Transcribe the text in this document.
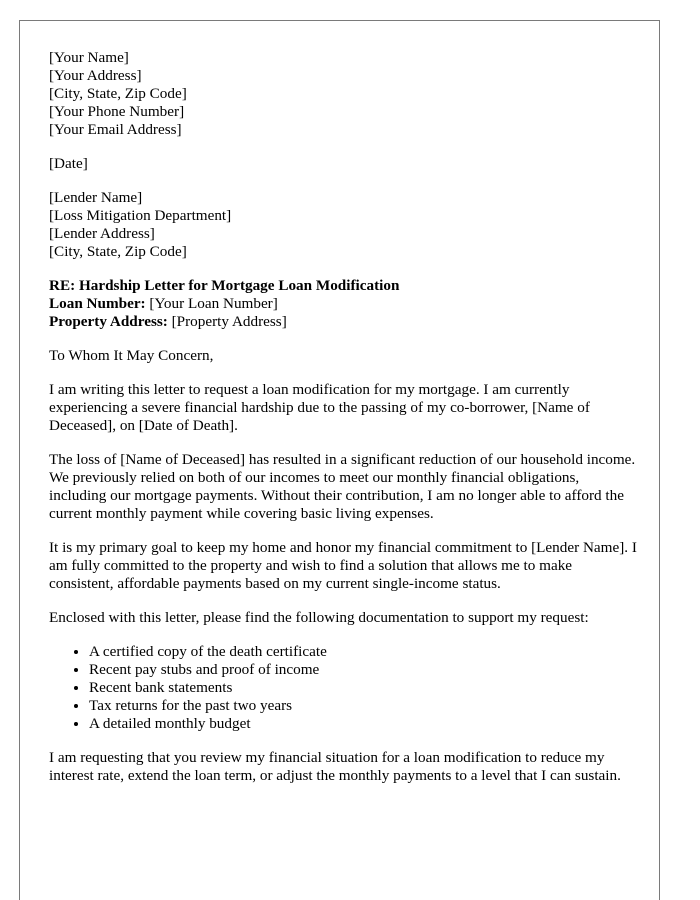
[Your Name]
[Your Address]
[City, State, Zip Code]
[Your Phone Number]
[Your Email Address]
[Date]
[Lender Name]
[Loss Mitigation Department]
[Lender Address]
[City, State, Zip Code]
RE: Hardship Letter for Mortgage Loan Modification
Loan Number: [Your Loan Number]
Property Address: [Property Address]

To Whom It May Concern,

I am writing this letter to request a loan modification for my mortgage. I am currently experiencing a severe financial hardship due to the passing of my co-borrower, [Name of Deceased], on [Date of Death].

The loss of [Name of Deceased] has resulted in a significant reduction of our household income. We previously relied on both of our incomes to meet our monthly financial obligations, including our mortgage payments. Without their contribution, I am no longer able to afford the current monthly payment while covering basic living expenses.

It is my primary goal to keep my home and honor my financial commitment to [Lender Name]. I am fully committed to the property and wish to find a solution that allows me to make consistent, affordable payments based on my current single-income status.

Enclosed with this letter, please find the following documentation to support my request:

• A certified copy of the death certificate
• Recent pay stubs and proof of income
• Recent bank statements
• Tax returns for the past two years
• A detailed monthly budget

I am requesting that you review my financial situation for a loan modification to reduce my interest rate, extend the loan term, or adjust the monthly payments to a level that I can sustain.
